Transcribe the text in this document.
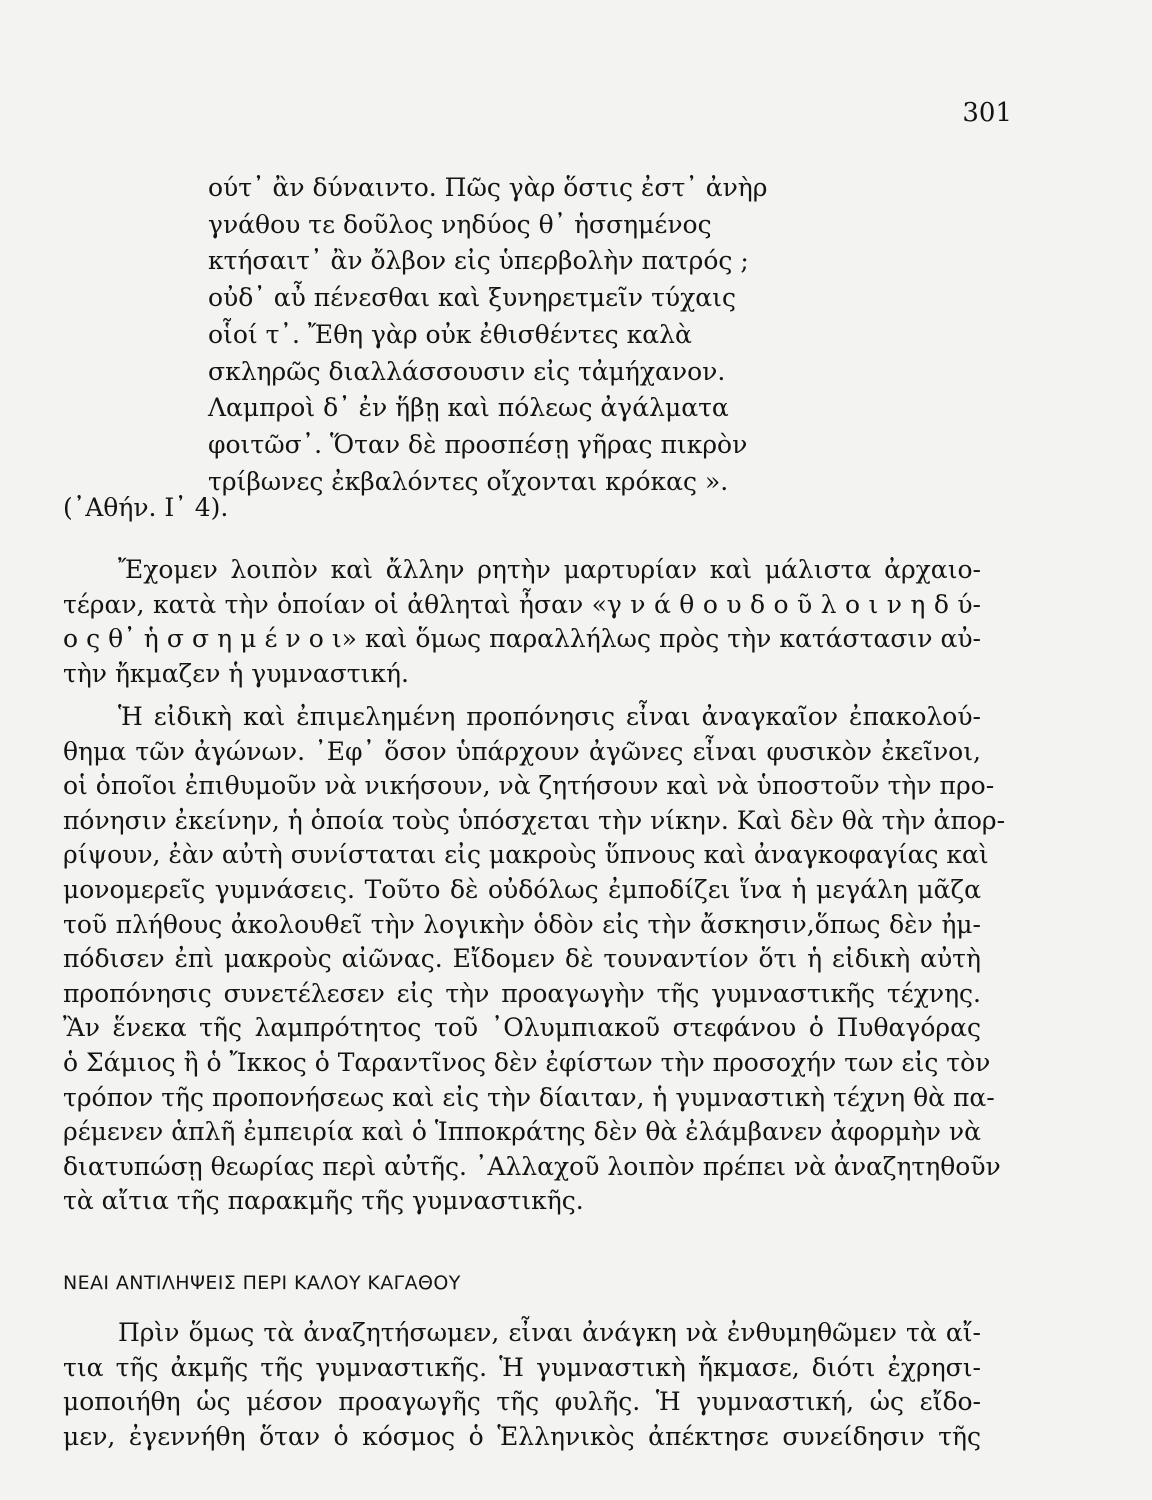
301
ούτ᾽ ἂν δύναιντο. Πῶς γὰρ ὅστις ἐστ᾽ ἀνὴρ
γνάθου τε δοῦλος νηδύος θ᾽ ἡσσημένος
κτήσαιτ᾽ ἂν ὄλβον εἰς ὑπερβολὴν πατρός ;
οὐδ᾽ αὖ πένεσθαι καὶ ξυνηρετμεῖν τύχαις
οἷοί τ᾽. Ἔθη γὰρ οὐκ ἐθισθέντες καλὰ
σκληρῶς διαλλάσσουσιν εἰς τἀμήχανον.
Λαμπροὶ δ᾽ ἐν ἥβῃ καὶ πόλεως ἀγάλματα
φοιτῶσ᾽. Ὅταν δὲ προσπέσῃ γῆρας πικρὸν
τρίβωνες ἐκβαλόντες οἴχονται κρόκας ».
(᾽Αθήν. Ι᾽ 4).
Ἔχομεν λοιπὸν καὶ ἄλλην ρητὴν μαρτυρίαν καὶ μάλιστα ἀρχαιο-
τέραν, κατὰ τὴν ὁποίαν οἱ ἀθληταὶ ἦσαν «γ ν ά θ ο υ δ ο ῦ λ ο ι ν η δ ύ-
ο ς θ᾽ ἡ σ σ η μ έ ν ο ι» καὶ ὅμως παραλλήλως πρὸς τὴν κατάστασιν αὐ-
τὴν ἤκμαζεν ἡ γυμναστική.
Ἡ εἰδικὴ καὶ ἐπιμελημένη προπόνησις εἶναι ἀναγκαῖον ἐπακολού-
θημα τῶν ἀγώνων. ᾽Εφ᾽ ὅσον ὑπάρχουν ἀγῶνες εἶναι φυσικὸν ἐκεῖνοι,
οἱ ὁποῖοι ἐπιθυμοῦν νὰ νικήσουν, νὰ ζητήσουν καὶ νὰ ὑποστοῦν τὴν προ-
πόνησιν ἐκείνην, ἡ ὁποία τοὺς ὑπόσχεται τὴν νίκην. Καὶ δὲν θὰ τὴν ἀπορ-
ρίψουν, ἐὰν αὐτὴ συνίσταται εἰς μακροὺς ὕπνους καὶ ἀναγκοφαγίας καὶ
μονομερεῖς γυμνάσεις. Τοῦτο δὲ οὐδόλως ἐμποδίζει ἵνα ἡ μεγάλη μᾶζα
τοῦ πλήθους ἀκολουθεῖ τὴν λογικὴν ὁδὸν εἰς τὴν ἄσκησιν,ὅπως δὲν ἠμ-
πόδισεν ἐπὶ μακροὺς αἰῶνας. Εἴδομεν δὲ τουναντίον ὅτι ἡ εἰδικὴ αὐτὴ
προπόνησις συνετέλεσεν εἰς τὴν προαγωγὴν τῆς γυμναστικῆς τέχνης.
Ἂν ἕνεκα τῆς λαμπρότητος τοῦ ᾽Ολυμπιακοῦ στεφάνου ὁ Πυθαγόρας
ὁ Σάμιος ἢ ὁ Ἴκκος ὁ Ταραντῖνος δὲν ἐφίστων τὴν προσοχήν των εἰς τὸν
τρόπον τῆς προπονήσεως καὶ εἰς τὴν δίαιταν, ἡ γυμναστικὴ τέχνη θὰ πα-
ρέμενεν ἁπλῆ ἐμπειρία καὶ ὁ Ἱπποκράτης δὲν θὰ ἐλάμβανεν ἀφορμὴν νὰ
διατυπώσῃ θεωρίας περὶ αὐτῆς. ᾽Αλλαχοῦ λοιπὸν πρέπει νὰ ἀναζητηθοῦν
τὰ αἴτια τῆς παρακμῆς τῆς γυμναστικῆς.
ΝΕΑΙ ΑΝΤΙΛΗΨΕΙΣ ΠΕΡΙ ΚΑΛΟΥ ΚΑΓΑΘΟΥ
Πρὶν ὅμως τὰ ἀναζητήσωμεν, εἶναι ἀνάγκη νὰ ἐνθυμηθῶμεν τὰ αἴ-
τια τῆς ἀκμῆς τῆς γυμναστικῆς. Ἡ γυμναστικὴ ἤκμασε, διότι ἐχρησι-
μοποιήθη ὡς μέσον προαγωγῆς τῆς φυλῆς. Ἡ γυμναστική, ὡς εἴδο-
μεν, ἐγεννήθη ὅταν ὁ κόσμος ὁ Ἑλληνικὸς ἀπέκτησε συνείδησιν τῆς
